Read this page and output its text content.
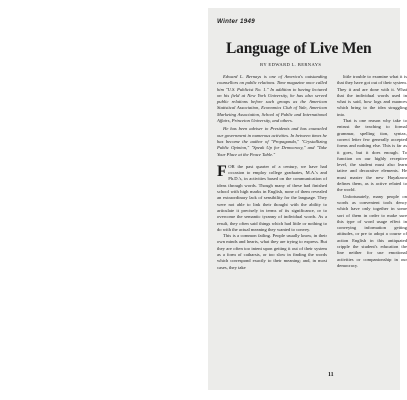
Winter 1949
Language of Live Men
BY EDWARD L. BERNAYS

Edward L. Bernays is one of America's outstanding counsellors on public relations. Time magazine once called him "U.S. Publicist No. 1." In addition to having lectured on his field at New York University, he has also served public relations before such groups as the American Statistical Association, Economics Club of Yale, American Marketing Association, School of Public and International Affairs, Princeton University, and others.

He has been adviser to Presidents and has counseled our government in numerous activities. In between times he has become the author of "Propaganda," "Crystallizing Public Opinion," "Speak Up for Democracy," and "Take Your Place at the Peace Table."

FOR the past quarter of a century, we have had occasion to employ college graduates, M.A.'s and Ph.D.'s, in activities based on the communication of ideas through words. Though many of these had finished school with high marks in English, none of them revealed an extraordinary lack of sensibility for the language. They were not able to link their thought with the ability to articulate it precisely in terms of its significance, or to overcome the semantic tyranny of individual words. As a result, they often said things which had little or nothing to do with the actual meaning they wanted to convey.

This is a common failing. People usually know, in their own minds and hearts, what they are trying to express. But they are often too intent upon getting it out of their system as a form of catharsis, or too slow in finding the words which correspond exactly to their meaning; and, in most cases, they take

little trouble to examine what it is that they have got out of their system. They it and are done with it. What that the individual words used in what is said, how logs and nuances which bring to the idea struggling into.

That is one reason why take to entrust the teaching to formal grammar, spelling tion, syntax, correct letter few generally accepted forms and nothing else. This is far as it goes, but it does enough. To function on our highly receptive level, the student must also learn tative and decorative elements. He must master the new Hayakawa defines them, as is active related to the world.

Unfortunately, many people on words as convenient tools dency which have only together in some sort of them in order to make sure this type of word usage effect in conveying information getting attitudes, or pre to adopt a course of action English in this antiquated cripple the student's education the line neither for use emotional activities or companionship in our democracy.

11
